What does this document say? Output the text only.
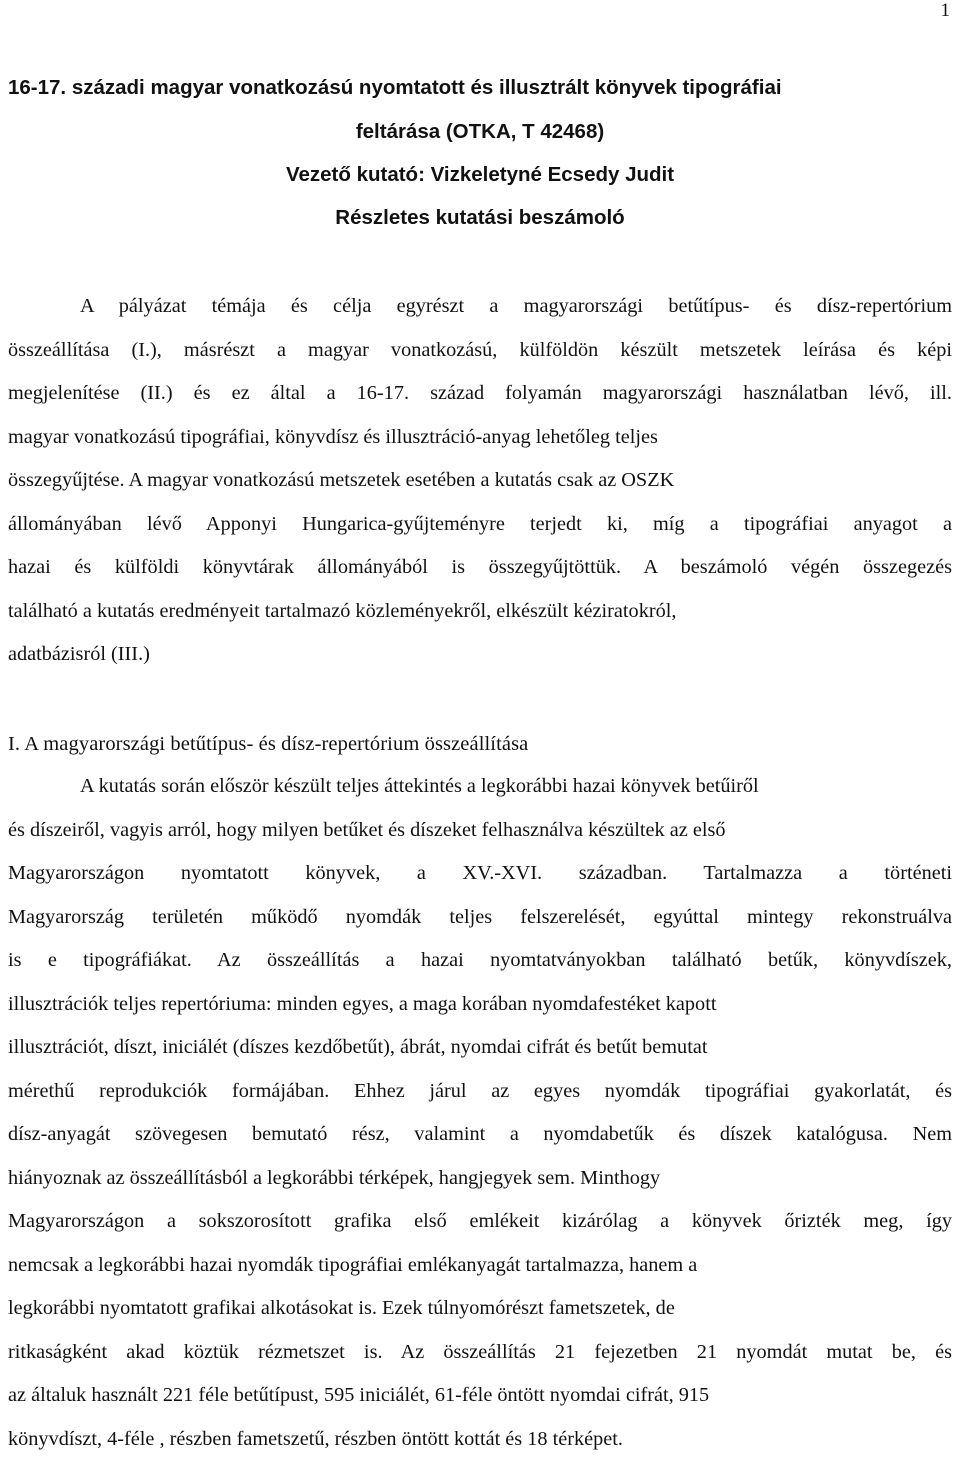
1
16-17. századi magyar vonatkozású nyomtatott és illusztrált könyvek tipográfiai
feltárása (OTKA, T 42468)
Vezető kutató: Vizkeletyné Ecsedy Judit
Részletes kutatási beszámoló
A pályázat témája és célja egyrészt a magyarországi betűtípus- és dísz-repertórium
összeállítása (I.), másrészt a magyar vonatkozású, külföldön készült metszetek leírása és képi
megjelenítése (II.) és ez által a 16-17. század folyamán magyarországi használatban lévő, ill.
magyar vonatkozású tipográfiai, könyvdísz és illusztráció-anyag lehetőleg teljes
összegyűjtése. A magyar vonatkozású metszetek esetében a kutatás csak az OSZK
állományában lévő Apponyi Hungarica-gyűjteményre terjedt ki, míg a tipográfiai anyagot a
hazai és külföldi könyvtárak állományából is összegyűjtöttük. A beszámoló végén összegezés
található a kutatás eredményeit tartalmazó közleményekről, elkészült kéziratokról,
adatbázisról (III.)
I. A magyarországi betűtípus- és dísz-repertórium összeállítása
A kutatás során először készült teljes áttekintés a legkorábbi hazai könyvek betűiről
és díszeiről, vagyis arról, hogy milyen betűket és díszeket felhasználva készültek az első
Magyarországon nyomtatott könyvek, a XV.-XVI. században. Tartalmazza a történeti
Magyarország területén működő nyomdák teljes felszerelését, egyúttal mintegy rekonstruálva
is e tipográfiákat. Az összeállítás a hazai nyomtatványokban található betűk, könyvdíszek,
illusztrációk teljes repertóriuma: minden egyes, a maga korában nyomdafestéket kapott
illusztrációt, díszt, iniciálét (díszes kezdőbetűt), ábrát, nyomdai cifrát és betűt bemutat
mérethű reprodukciók formájában. Ehhez járul az egyes nyomdák tipográfiai gyakorlatát, és
dísz-anyagát szövegesen bemutató rész, valamint a nyomdabetűk és díszek katalógusa. Nem
hiányoznak az összeállításból a legkorábbi térképek, hangjegyek sem. Minthogy
Magyarországon a sokszorosított grafika első emlékeit kizárólag a könyvek őrizték meg, így
nemcsak a legkorábbi hazai nyomdák tipográfiai emlékanyagát tartalmazza, hanem a
legkorábbi nyomtatott grafikai alkotásokat is. Ezek túlnyomórészt fametszetek, de
ritkaságként akad köztük rézmetszet is. Az összeállítás 21 fejezetben 21 nyomdát mutat be, és
az általuk használt 221 féle betűtípust, 595 iniciálét, 61-féle öntött nyomdai cifrát, 915
könyvdíszt, 4-féle , részben fametszetű, részben öntött kottát és 18 térképet.
